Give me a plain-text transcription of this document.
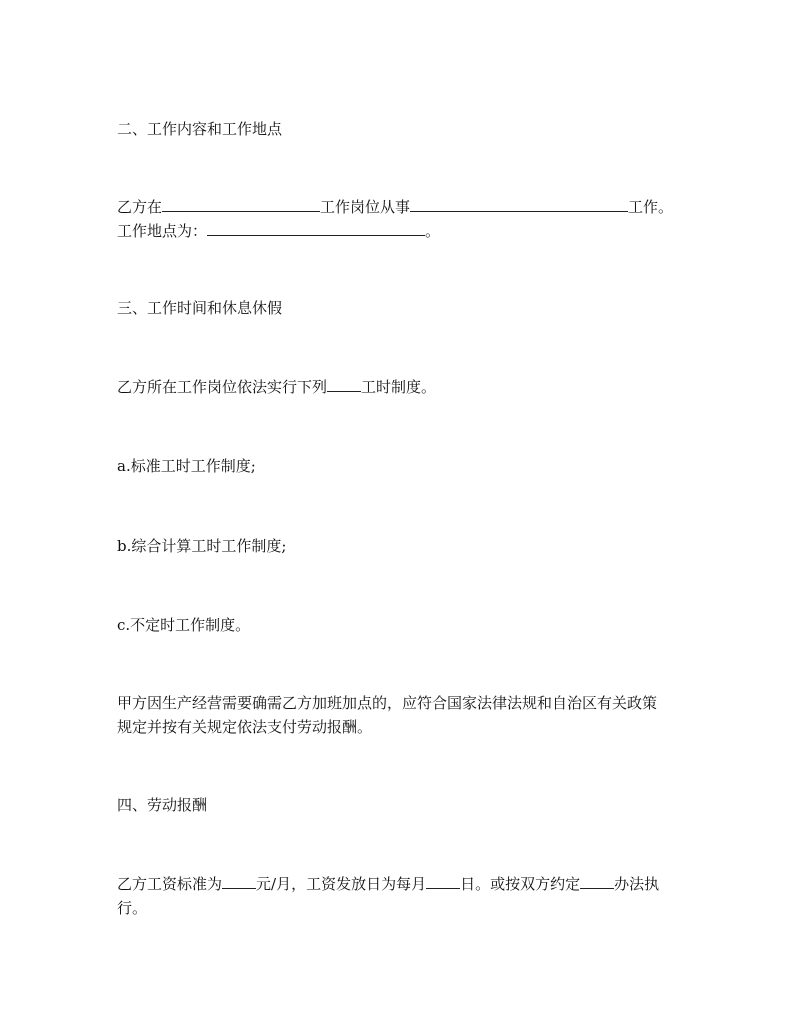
二、工作内容和工作地点
乙方在	工作岗位从事	工作。
工作地点为：	。
三、工作时间和休息休假
乙方所在工作岗位依法实行下列 工时制度。
a.标准工时工作制度;
b.综合计算工时工作制度;
c.不定时工作制度。
甲方因生产经营需要确需乙方加班加点的，应符合国家法律法规和自治区有关政策
规定并按有关规定依法支付劳动报酬。
四、劳动报酬
乙方工资标准为 元/月，工资发放日为每月 日。或按双方约定 办法执
行。
